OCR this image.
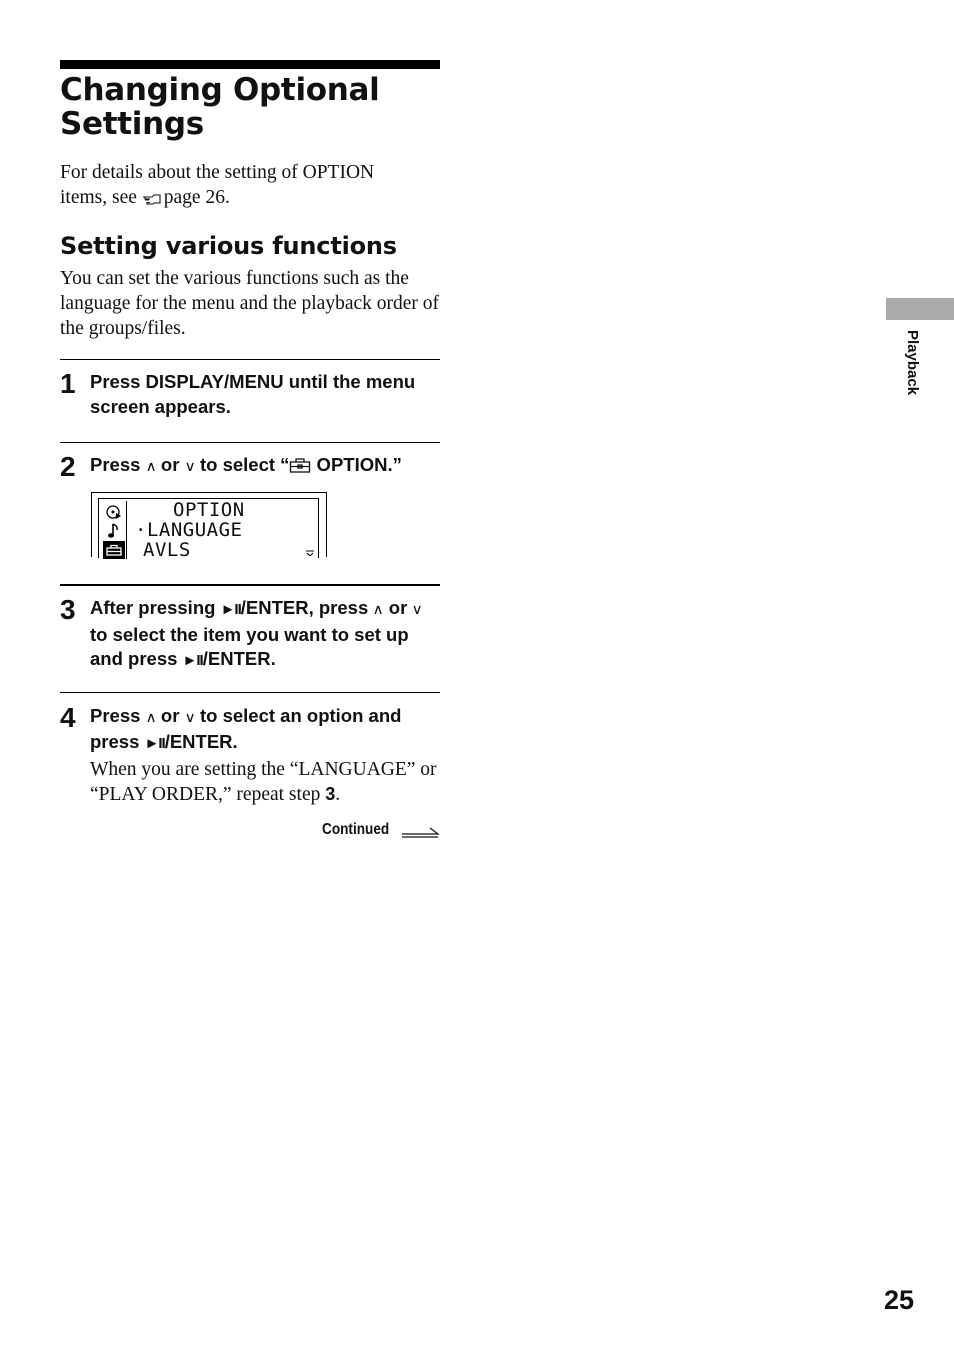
Changing Optional Settings

For details about the setting of OPTION
items, see page 26.

Setting various functions

You can set the various functions such as the language for the menu and the playback order of the groups/files.

1 Press DISPLAY/MENU until the menu screen appears.

2 Press ∧ or ∨ to select “ OPTION.”

OPTION
·LANGUAGE
AVLS
3 After pressing ►II/ENTER, press ∧ or ∨ to select the item you want to set up and press ►II/ENTER.

4 Press ∧ or ∨ to select an option and press ►II/ENTER.

When you are setting the “LANGUAGE” or “PLAY ORDER,” repeat step 3.

Continued

Playback

25
